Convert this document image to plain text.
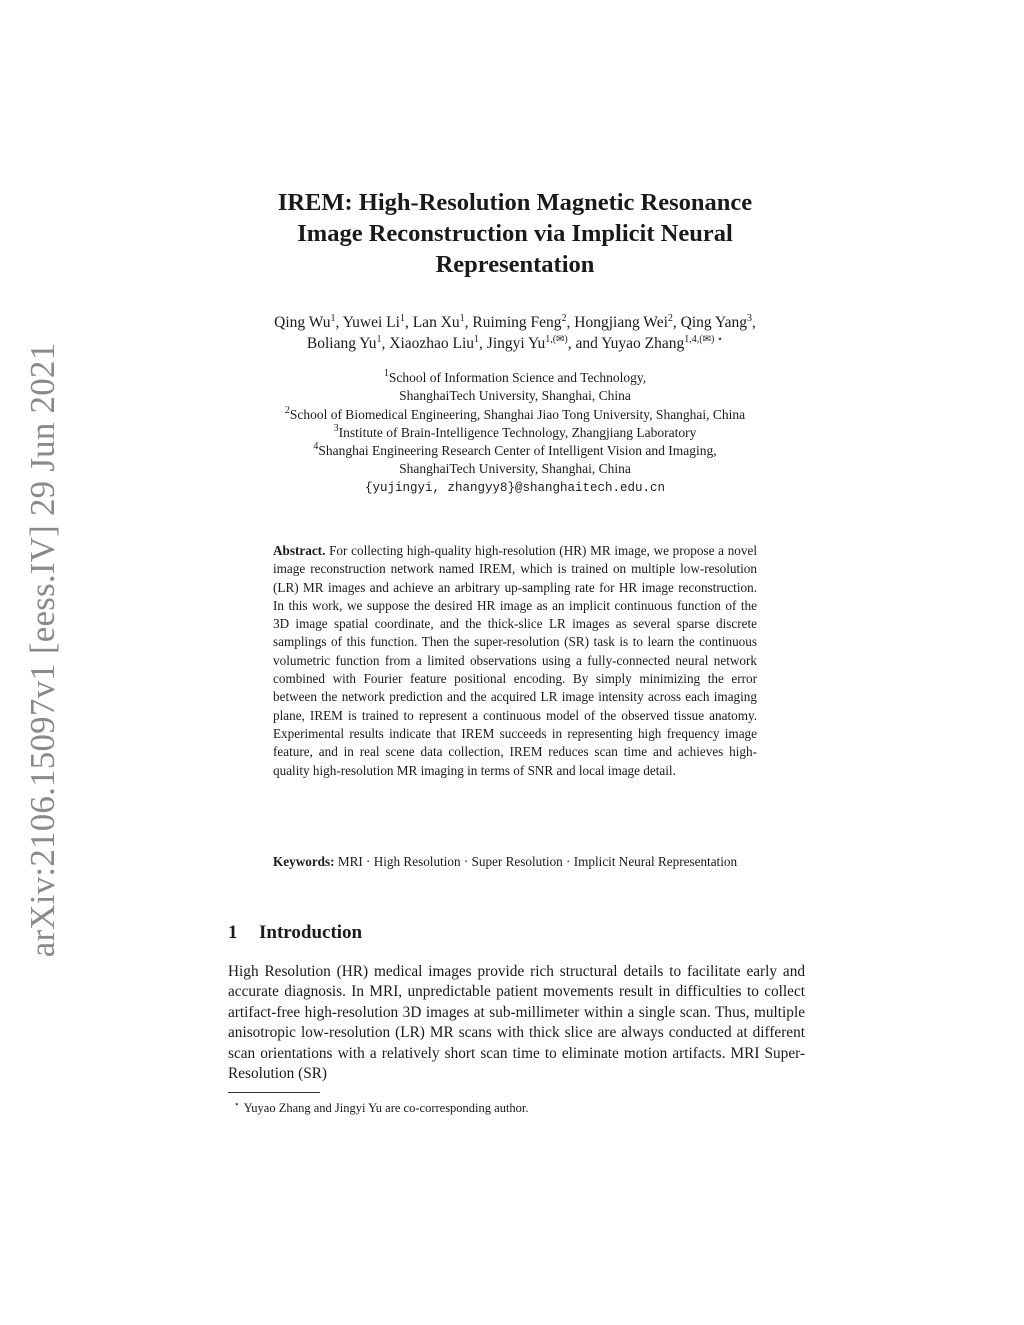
arXiv:2106.15097v1 [eess.IV] 29 Jun 2021
IREM: High-Resolution Magnetic Resonance
Image Reconstruction via Implicit Neural
Representation
Qing Wu$^1$, Yuwei Li$^1$, Lan Xu$^1$, Ruiming Feng$^2$, Hongjiang Wei$^2$, Qing Yang$^3$,
Boliang Yu$^1$, Xiaozhao Liu$^1$, Jingyi $Yu^{1,(✉)}$, and Yuyao Zhang$^{1,4,(✉) ⋆}$
$^1$School of Information Science and Technology,
ShanghaiTech University, Shanghai, China
$^2$School of Biomedical Engineering, Shanghai Jiao Tong University, Shanghai, China
$^3$Institute of Brain-Intelligence Technology, Zhangjiang Laboratory
$^4$Shanghai Engineering Research Center of Intelligent Vision and Imaging,
ShanghaiTech University, Shanghai, China
{yujingyi, zhangyy8}@shanghaitech.edu.cn

Abstract. For collecting high-quality high-resolution (HR) MR image, we propose a novel image reconstruction network named IREM, which is trained on multiple low-resolution (LR) MR images and achieve an arbitrary up-sampling rate for HR image reconstruction. In this work, we suppose the desired HR image as an implicit continuous function of the 3D image spatial coordinate, and the thick-slice LR images as several sparse discrete samplings of this function. Then the super-resolution (SR) task is to learn the continuous volumetric function from a limited observations using a fully-connected neural network combined with Fourier feature positional encoding. By simply minimizing the error between the network prediction and the acquired LR image intensity across each imaging plane, IREM is trained to represent a continuous model of the observed tissue anatomy. Experimental results indicate that IREM succeeds in representing high frequency image feature, and in real scene data collection, IREM reduces scan time and achieves high-quality high-resolution MR imaging in terms of SNR and local image detail.

Keywords: MRI · High Resolution · Super Resolution · Implicit Neural Representation

1 Introduction

High Resolution (HR) medical images provide rich structural details to facilitate early and accurate diagnosis. In MRI, unpredictable patient movements result in difficulties to collect artifact-free high-resolution 3D images at sub-millimeter within a single scan. Thus, multiple anisotropic low-resolution (LR) MR scans with thick slice are always conducted at different scan orientations with a relatively short scan time to eliminate motion artifacts. MRI Super-Resolution (SR)

⋆ Yuyao Zhang and Jingyi Yu are co-corresponding author.
